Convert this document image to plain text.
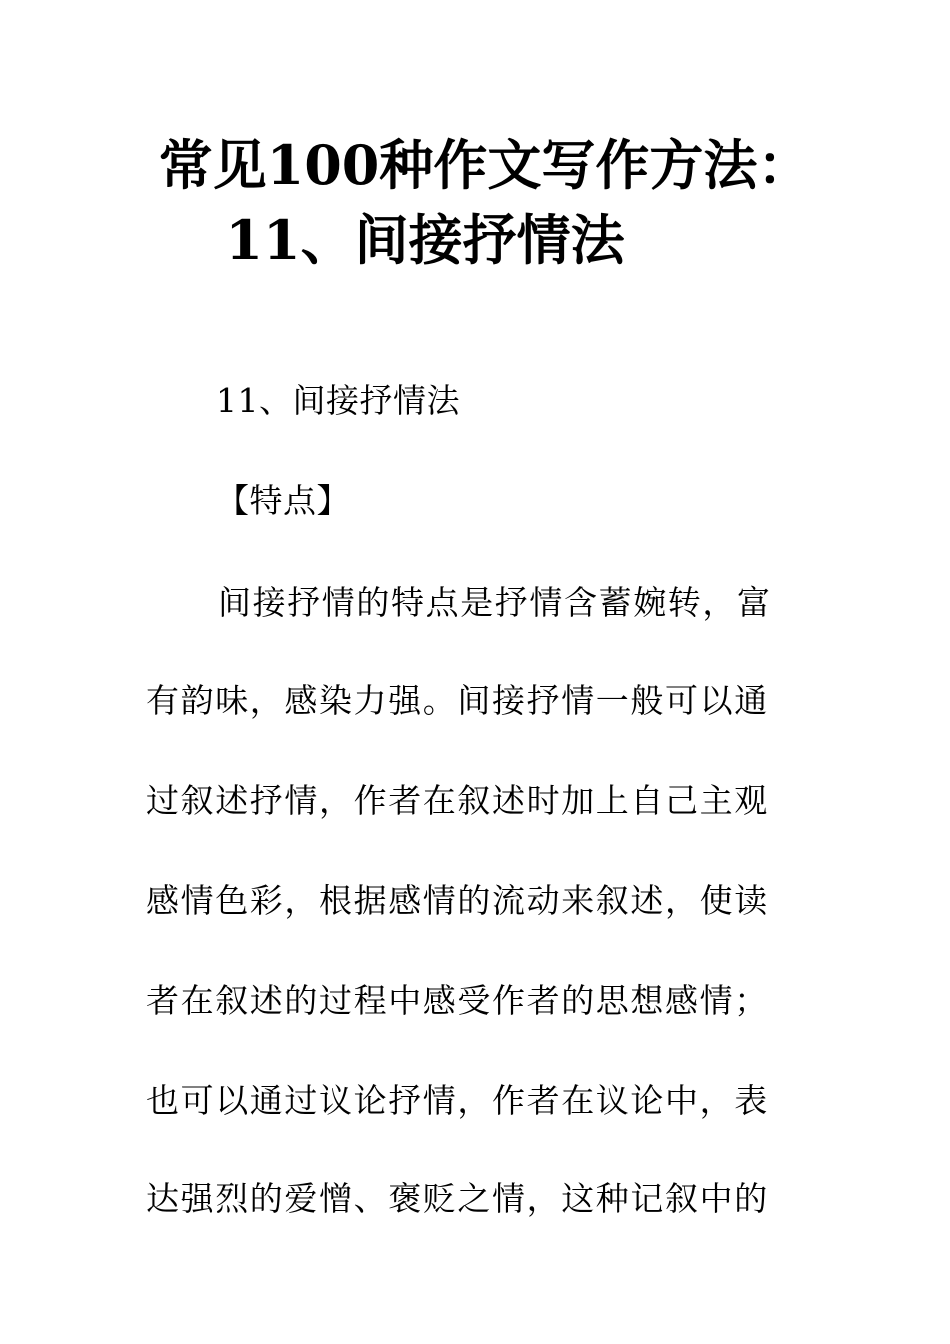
常见100种作文写作方法：
11、间接抒情法
11、间接抒情法
【特点】
间接抒情的特点是抒情含蓄婉转，富
有韵味，感染力强。间接抒情一般可以通
过叙述抒情，作者在叙述时加上自己主观
感情色彩，根据感情的流动来叙述，使读
者在叙述的过程中感受作者的思想感情；
也可以通过议论抒情，作者在议论中，表
达强烈的爱憎、褒贬之情，这种记叙中的
